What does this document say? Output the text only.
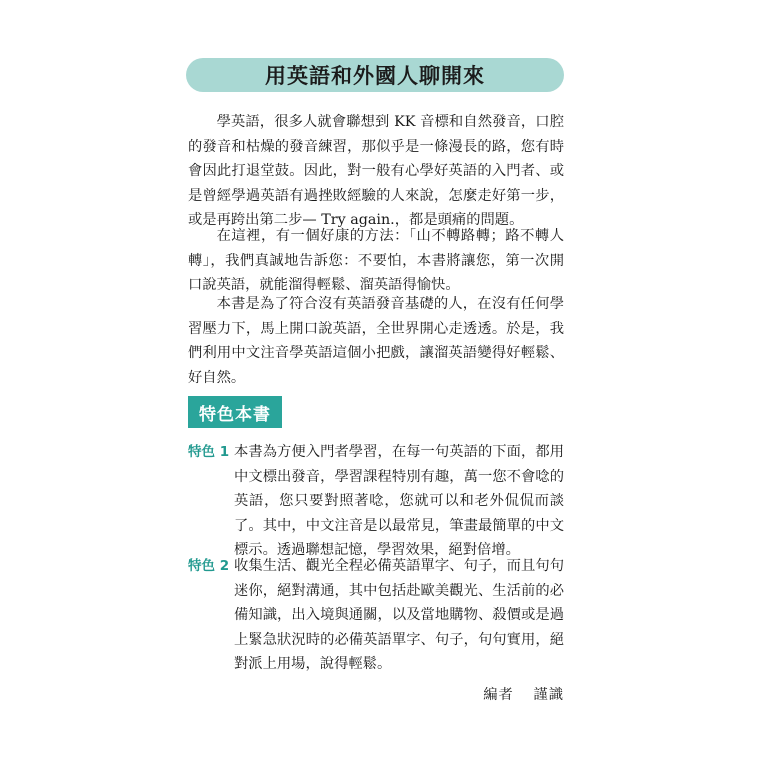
用英語和外國人聊開來

學英語，很多人就會聯想到 KK 音標和自然發音，口腔的發音和枯燥的發音練習，那似乎是一條漫長的路，您有時會因此打退堂鼓。因此，對一般有心學好英語的入門者、或是曾經學過英語有過挫敗經驗的人來說，怎麼走好第一步，或是再跨出第二步— Try again.，都是頭痛的問題。

在這裡，有一個好康的方法：「山不轉路轉；路不轉人轉」，我們真誠地告訴您：不要怕，本書將讓您，第一次開口說英語，就能溜得輕鬆、溜英語得愉快。

本書是為了符合沒有英語發音基礎的人，在沒有任何學習壓力下，馬上開口說英語，全世界開心走透透。於是，我們利用中文注音學英語這個小把戲，讓溜英語變得好輕鬆、好自然。

特色本書
特色 1 本書為方便入門者學習，在每一句英語的下面，都用中文標出發音，學習課程特別有趣，萬一您不會唸的英語，您只要對照著唸，您就可以和老外侃侃而談了。其中，中文注音是以最常見，筆畫最簡單的中文標示。透過聯想記憶，學習效果，絕對倍增。

特色 2 收集生活、觀光全程必備英語單字、句子，而且句句迷你，絕對溝通，其中包括赴歐美觀光、生活前的必備知識，出入境與通關，以及當地購物、殺價或是過上緊急狀況時的必備英語單字、句子，句句實用，絕對派上用場，說得輕鬆。

編者 謹識
